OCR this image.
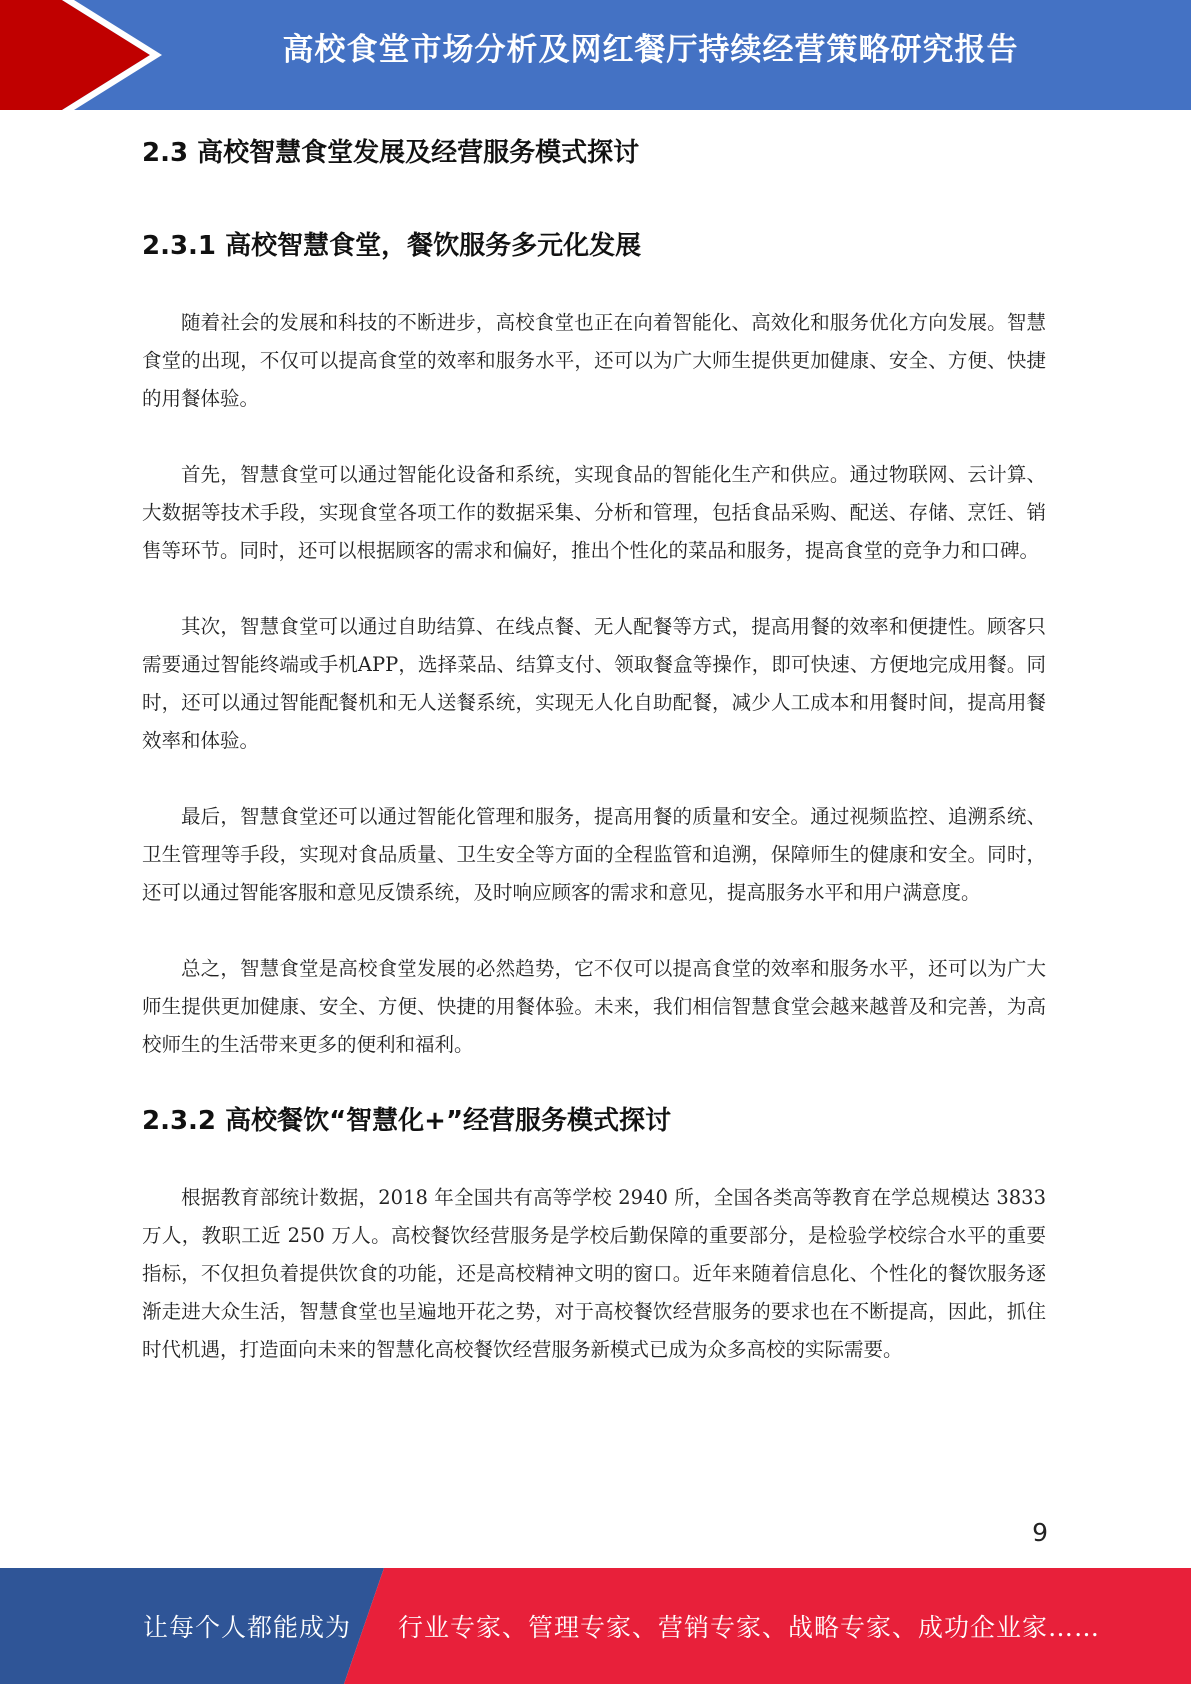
高校食堂市场分析及网红餐厅持续经营策略研究报告
2.3 高校智慧食堂发展及经营服务模式探讨
2.3.1 高校智慧食堂，餐饮服务多元化发展

随着社会的发展和科技的不断进步，高校食堂也正在向着智能化、高效化和服务优化方向发展。智慧食堂的出现，不仅可以提高食堂的效率和服务水平，还可以为广大师生提供更加健康、安全、方便、快捷的用餐体验。

首先，智慧食堂可以通过智能化设备和系统，实现食品的智能化生产和供应。通过物联网、云计算、大数据等技术手段，实现食堂各项工作的数据采集、分析和管理，包括食品采购、配送、存储、烹饪、销售等环节。同时，还可以根据顾客的需求和偏好，推出个性化的菜品和服务，提高食堂的竞争力和口碑。

其次，智慧食堂可以通过自助结算、在线点餐、无人配餐等方式，提高用餐的效率和便捷性。顾客只需要通过智能终端或手机APP，选择菜品、结算支付、领取餐盒等操作，即可快速、方便地完成用餐。同时，还可以通过智能配餐机和无人送餐系统，实现无人化自助配餐，减少人工成本和用餐时间，提高用餐效率和体验。

最后，智慧食堂还可以通过智能化管理和服务，提高用餐的质量和安全。通过视频监控、追溯系统、卫生管理等手段，实现对食品质量、卫生安全等方面的全程监管和追溯，保障师生的健康和安全。同时，还可以通过智能客服和意见反馈系统，及时响应顾客的需求和意见，提高服务水平和用户满意度。

总之，智慧食堂是高校食堂发展的必然趋势，它不仅可以提高食堂的效率和服务水平，还可以为广大师生提供更加健康、安全、方便、快捷的用餐体验。未来，我们相信智慧食堂会越来越普及和完善，为高校师生的生活带来更多的便利和福利。

2.3.2 高校餐饮“智慧化+”经营服务模式探讨

根据教育部统计数据，2018 年全国共有高等学校 2940 所，全国各类高等教育在学总规模达 3833 万人，教职工近 250 万人。高校餐饮经营服务是学校后勤保障的重要部分，是检验学校综合水平的重要指标，不仅担负着提供饮食的功能，还是高校精神文明的窗口。近年来随着信息化、个性化的餐饮服务逐渐走进大众生活，智慧食堂也呈遍地开花之势，对于高校餐饮经营服务的要求也在不断提高，因此，抓住时代机遇，打造面向未来的智慧化高校餐饮经营服务新模式已成为众多高校的实际需要。

9
让每个人都能成为 行业专家、管理专家、营销专家、战略专家、成功企业家……
